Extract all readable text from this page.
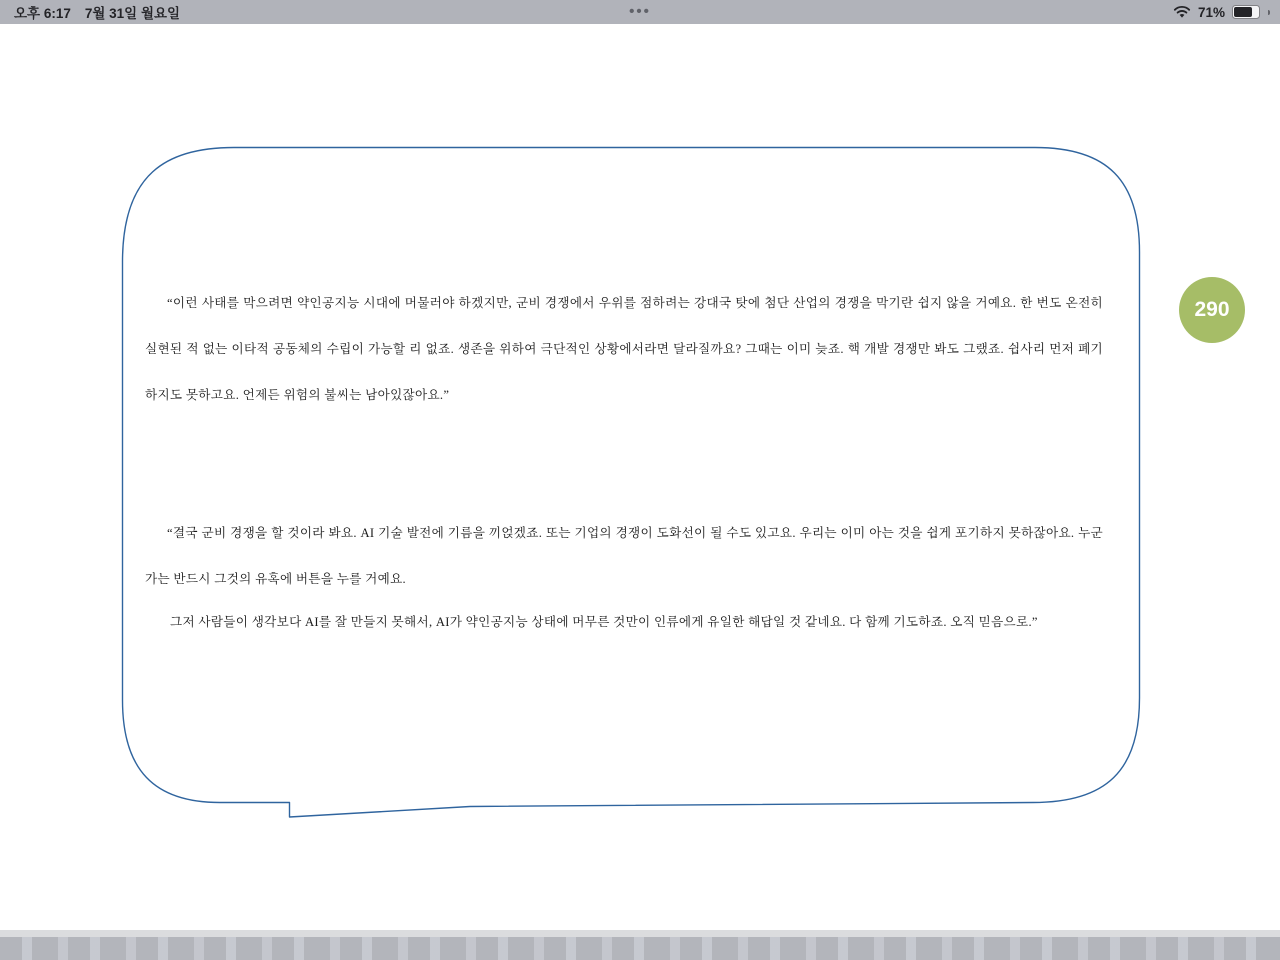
오후 6:17 7월 31일 월요일	•••	71%
“이런 사태를 막으려면 약인공지능 시대에 머물러야 하겠지만, 군비 경쟁에서 우위를 점하려는 강대국 탓에 첨단 산업의 경쟁을 막기란 쉽지 않을 거예요. 한 번도 온전히 실현된 적 없는 이타적 공동체의 수립이 가능할 리 없죠. 생존을 위하여 극단적인 상황에서라면 달라질까요? 그때는 이미 늦죠. 핵 개발 경쟁만 봐도 그랬죠. 쉽사리 먼저 폐기하지도 못하고요. 언제든 위험의 불씨는 남아있잖아요.”
“결국 군비 경쟁을 할 것이라 봐요. AI 기술 발전에 기름을 끼얹겠죠. 또는 기업의 경쟁이 도화선이 될 수도 있고요. 우리는 이미 아는 것을 쉽게 포기하지 못하잖아요. 누군가는 반드시 그것의 유혹에 버튼을 누를 거예요.
그저 사람들이 생각보다 AI를 잘 만들지 못해서, AI가 약인공지능 상태에 머무른 것만이 인류에게 유일한 해답일 것 같네요. 다 함께 기도하죠. 오직 믿음으로.”
290
